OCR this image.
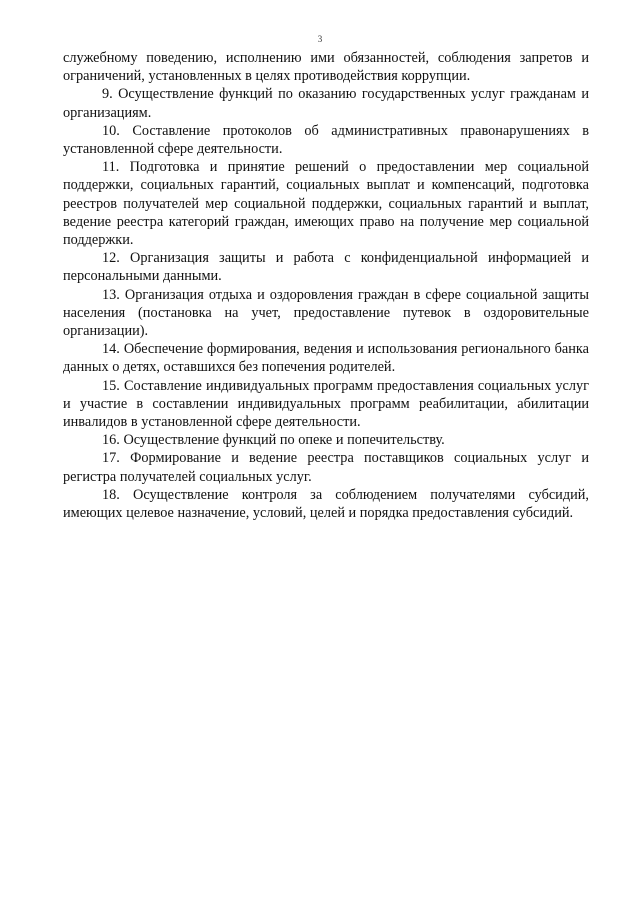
3

служебному поведению, исполнению ими обязанностей, соблюдения запретов и ограничений, установленных в целях противодействия коррупции.

9. Осуществление функций по оказанию государственных услуг гражданам и организациям.

10. Составление протоколов об административных правонарушениях в установленной сфере деятельности.

11. Подготовка и принятие решений о предоставлении мер социальной поддержки, социальных гарантий, социальных выплат и компенсаций, подготовка реестров получателей мер социальной поддержки, социальных гарантий и выплат, ведение реестра категорий граждан, имеющих право на получение мер социальной поддержки.

12. Организация защиты и работа с конфиденциальной информацией и персональными данными.

13. Организация отдыха и оздоровления граждан в сфере социальной защиты населения (постановка на учет, предоставление путевок в оздоровительные организации).

14. Обеспечение формирования, ведения и использования регионального банка данных о детях, оставшихся без попечения родителей.

15. Составление индивидуальных программ предоставления социальных услуг и участие в составлении индивидуальных программ реабилитации, абилитации инвалидов в установленной сфере деятельности.

16. Осуществление функций по опеке и попечительству.

17. Формирование и ведение реестра поставщиков социальных услуг и регистра получателей социальных услуг.

18. Осуществление контроля за соблюдением получателями субсидий, имеющих целевое назначение, условий, целей и порядка предоставления субсидий.
